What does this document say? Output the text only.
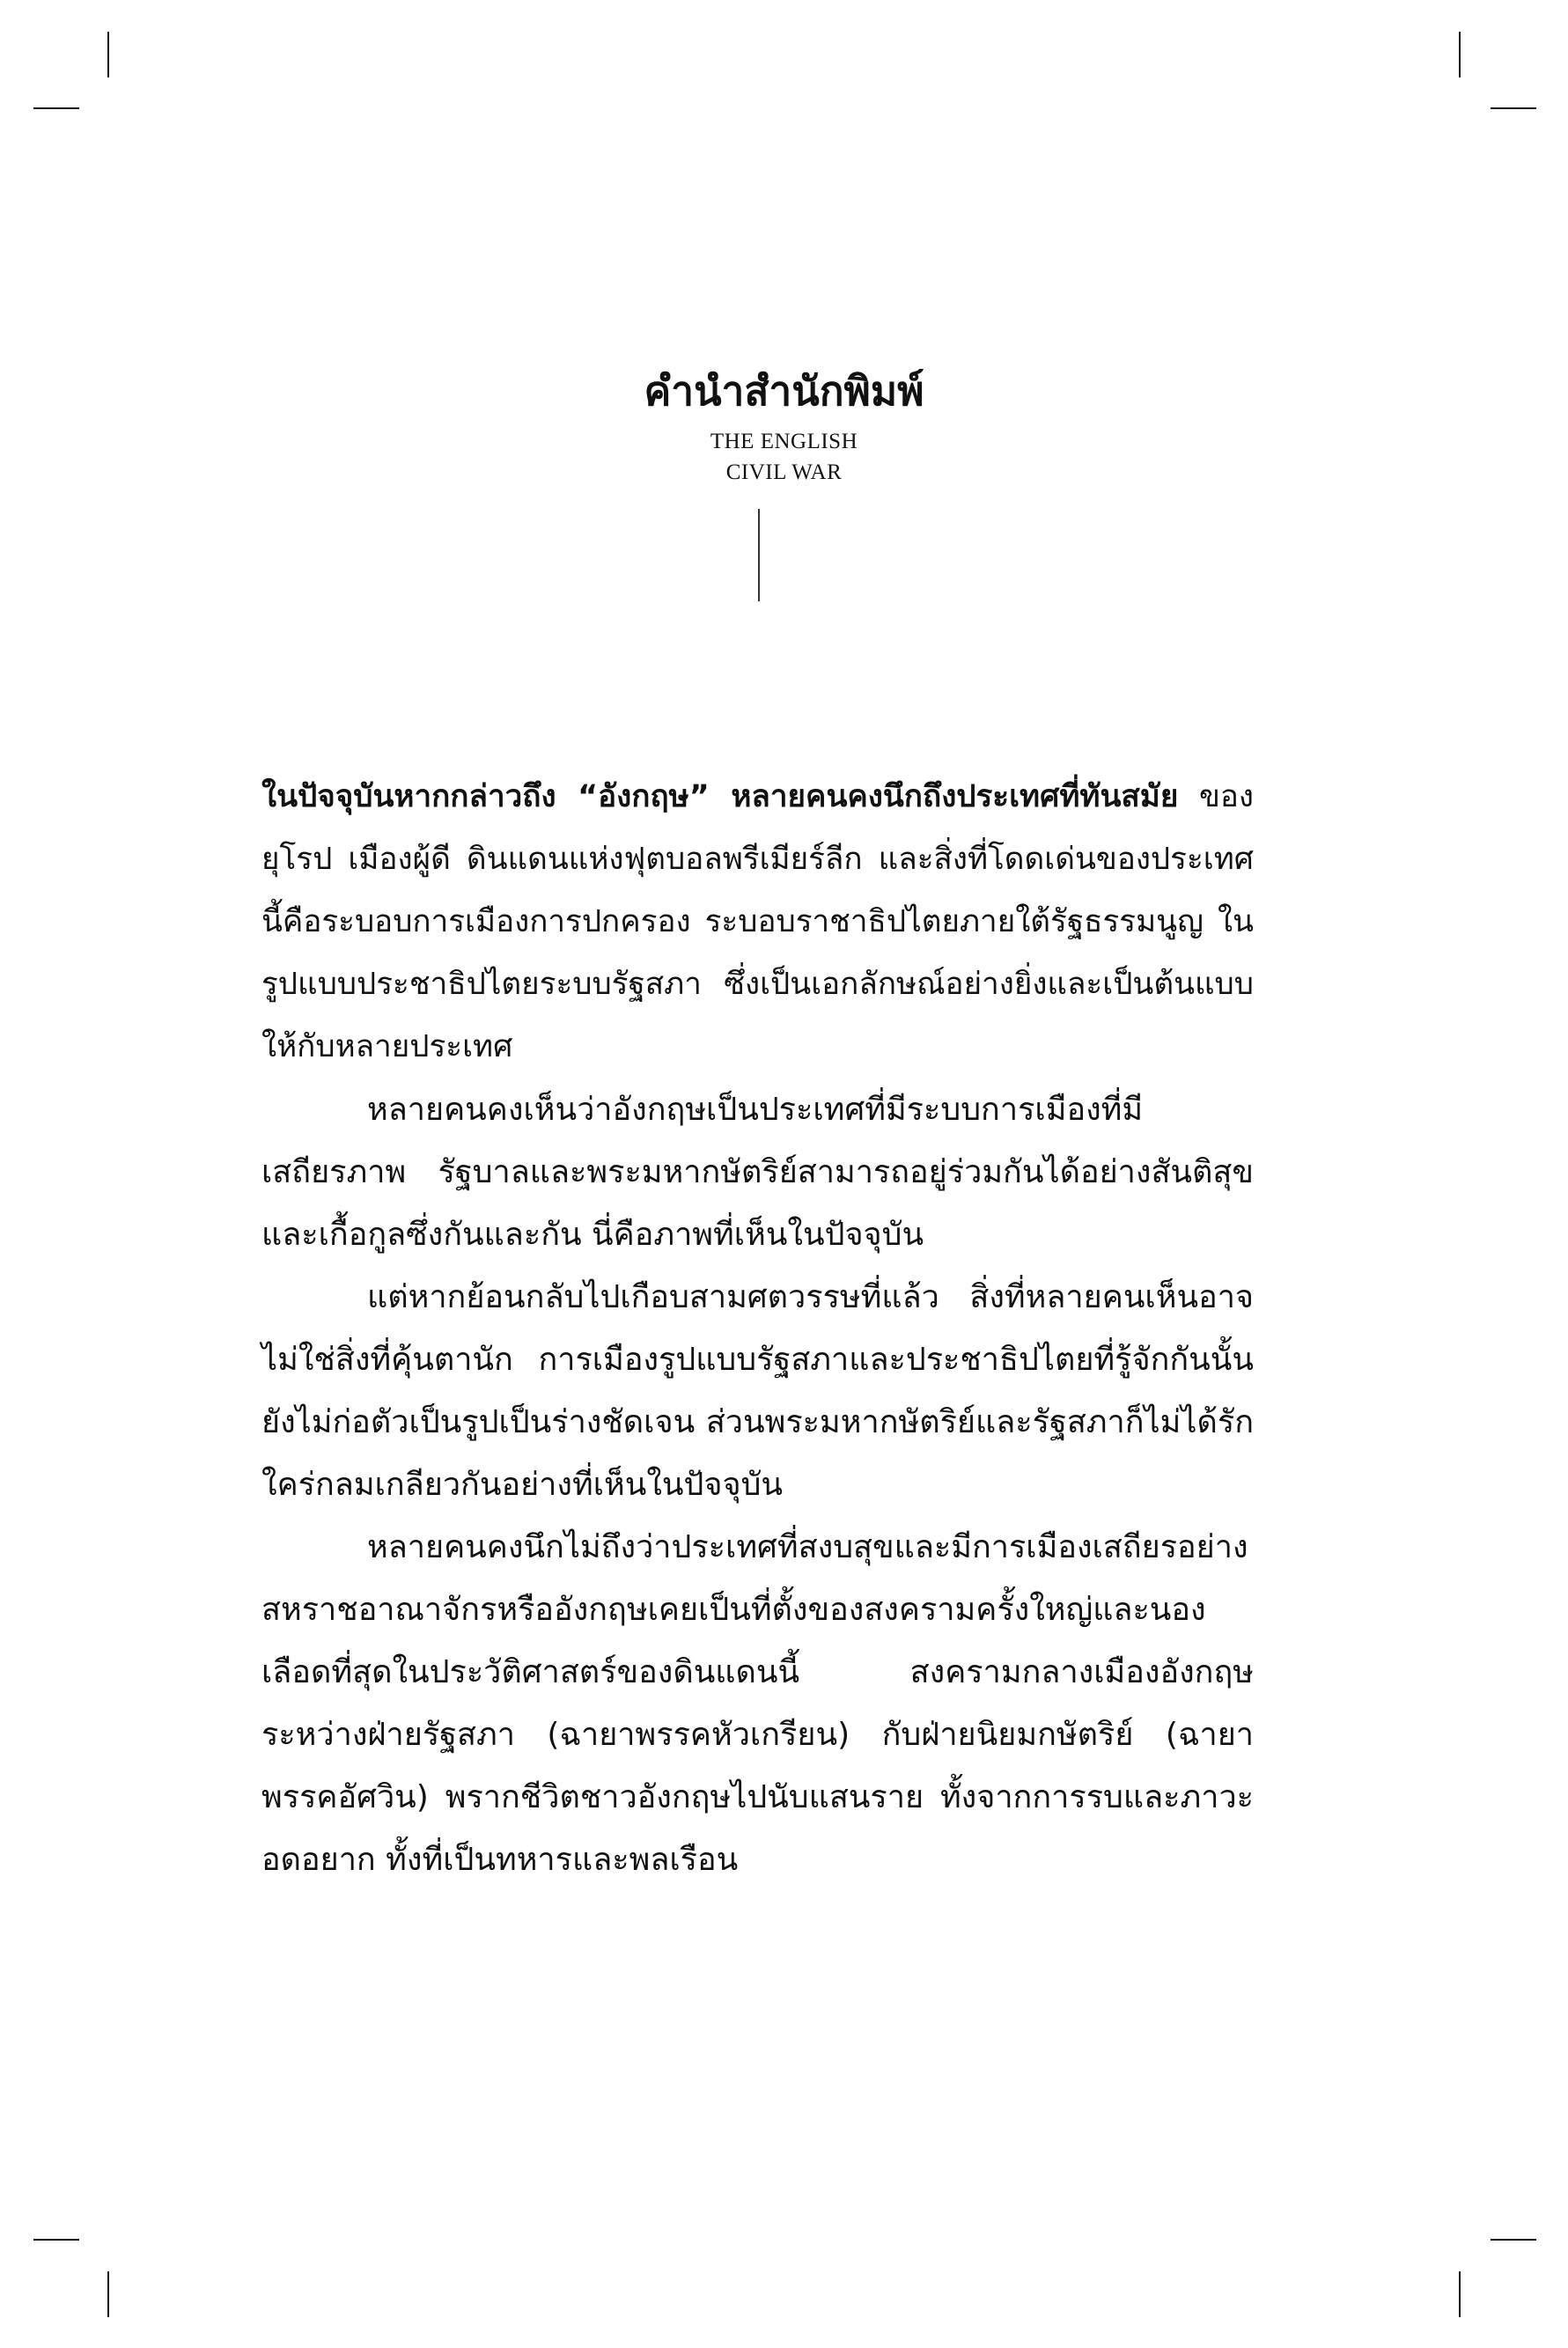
คำนำสำนักพิมพ์
THE ENGLISH
CIVIL WAR

ในปัจจุบันหากกล่าวถึง “อังกฤษ” หลายคนคงนึกถึงประเทศที่ทันสมัย ของยุโรป เมืองผู้ดี ดินแดนแห่งฟุตบอลพรีเมียร์ลีก และสิ่งที่โดดเด่นของประเทศนี้คือระบอบการเมืองการปกครอง ระบอบราชาธิปไตยภายใต้รัฐธรรมนูญ ในรูปแบบประชาธิปไตยระบบรัฐสภา ซึ่งเป็นเอกลักษณ์อย่างยิ่งและเป็นต้นแบบให้กับหลายประเทศ

หลายคนคงเห็นว่าอังกฤษเป็นประเทศที่มีระบบการเมืองที่มีเสถียรภาพ รัฐบาลและพระมหากษัตริย์สามารถอยู่ร่วมกันได้อย่างสันติสุขและเกื้อกูลซึ่งกันและกัน นี่คือภาพที่เห็นในปัจจุบัน

แต่หากย้อนกลับไปเกือบสามศตวรรษที่แล้ว สิ่งที่หลายคนเห็นอาจไม่ใช่สิ่งที่คุ้นตานัก การเมืองรูปแบบรัฐสภาและประชาธิปไตยที่รู้จักกันนั้นยังไม่ก่อตัวเป็นรูปเป็นร่างชัดเจน ส่วนพระมหากษัตริย์และรัฐสภาก็ไม่ได้รักใคร่กลมเกลียวกันอย่างที่เห็นในปัจจุบัน

หลายคนคงนึกไม่ถึงว่าประเทศที่สงบสุขและมีการเมืองเสถียรอย่างสหราชอาณาจักรหรืออังกฤษเคยเป็นที่ตั้งของสงครามครั้งใหญ่และนองเลือดที่สุดในประวัติศาสตร์ของดินแดนนี้ สงครามกลางเมืองอังกฤษระหว่างฝ่ายรัฐสภา (ฉายาพรรคหัวเกรียน) กับฝ่ายนิยมกษัตริย์ (ฉายาพรรคอัศวิน) พรากชีวิตชาวอังกฤษไปนับแสนราย ทั้งจากการรบและภาวะอดอยาก ทั้งที่เป็นทหารและพลเรือน
